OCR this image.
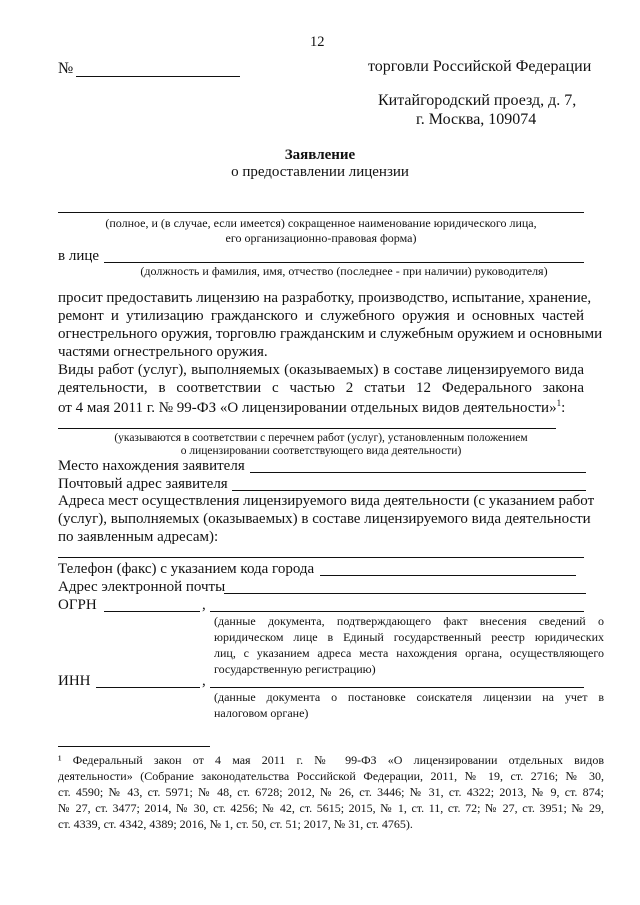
12
№	торговли Российской Федерации
Китайгородский проезд, д. 7,
г. Москва, 109074
Заявление
о предоставлении лицензии
(полное, и (в случае, если имеется) сокращенное наименование юридического лица,
его организационно-правовая форма)
в лице
(должность и фамилия, имя, отчество (последнее - при наличии) руководителя)
просит предоставить лицензию на разработку, производство, испытание, хранение,
ремонт и утилизацию гражданского и служебного оружия и основных частей
огнестрельного оружия, торговлю гражданским и служебным оружием и основными
частями огнестрельного оружия.
Виды работ (услуг), выполняемых (оказываемых) в составе лицензируемого вида
деятельности, в соответствии с частью 2 статьи 12 Федерального закона
от 4 мая 2011 г. № 99-ФЗ «О лицензировании отдельных видов деятельности»$^1$:
(указываются в соответствии с перечнем работ (услуг), установленным положением
о лицензировании соответствующего вида деятельности)
Место нахождения заявителя
Почтовый адрес заявителя
Адреса мест осуществления лицензируемого вида деятельности (с указанием работ
(услуг), выполняемых (оказываемых) в составе лицензируемого вида деятельности
по заявленным адресам):
Телефон (факс) с указанием кода города
Адрес электронной почты
ОГРН	,
(данные документа, подтверждающего факт внесения сведений о
юридическом лице в Единый государственный реестр юридических
лиц, с указанием адреса места нахождения органа, осуществляющего
государственную регистрацию)
ИНН	,
(данные документа о постановке соискателя лицензии на учет в
налоговом органе)
¹ Федеральный закон от 4 мая 2011 г. № 99-ФЗ «О лицензировании отдельных видов
деятельности» (Собрание законодательства Российской Федерации, 2011, № 19, ст. 2716; № 30,
ст. 4590; № 43, ст. 5971; № 48, ст. 6728; 2012, № 26, ст. 3446; № 31, ст. 4322; 2013, № 9, ст. 874;
№ 27, ст. 3477; 2014, № 30, ст. 4256; № 42, ст. 5615; 2015, № 1, ст. 11, ст. 72; № 27, ст. 3951; № 29,
ст. 4339, ст. 4342, 4389; 2016, № 1, ст. 50, ст. 51; 2017, № 31, ст. 4765).
